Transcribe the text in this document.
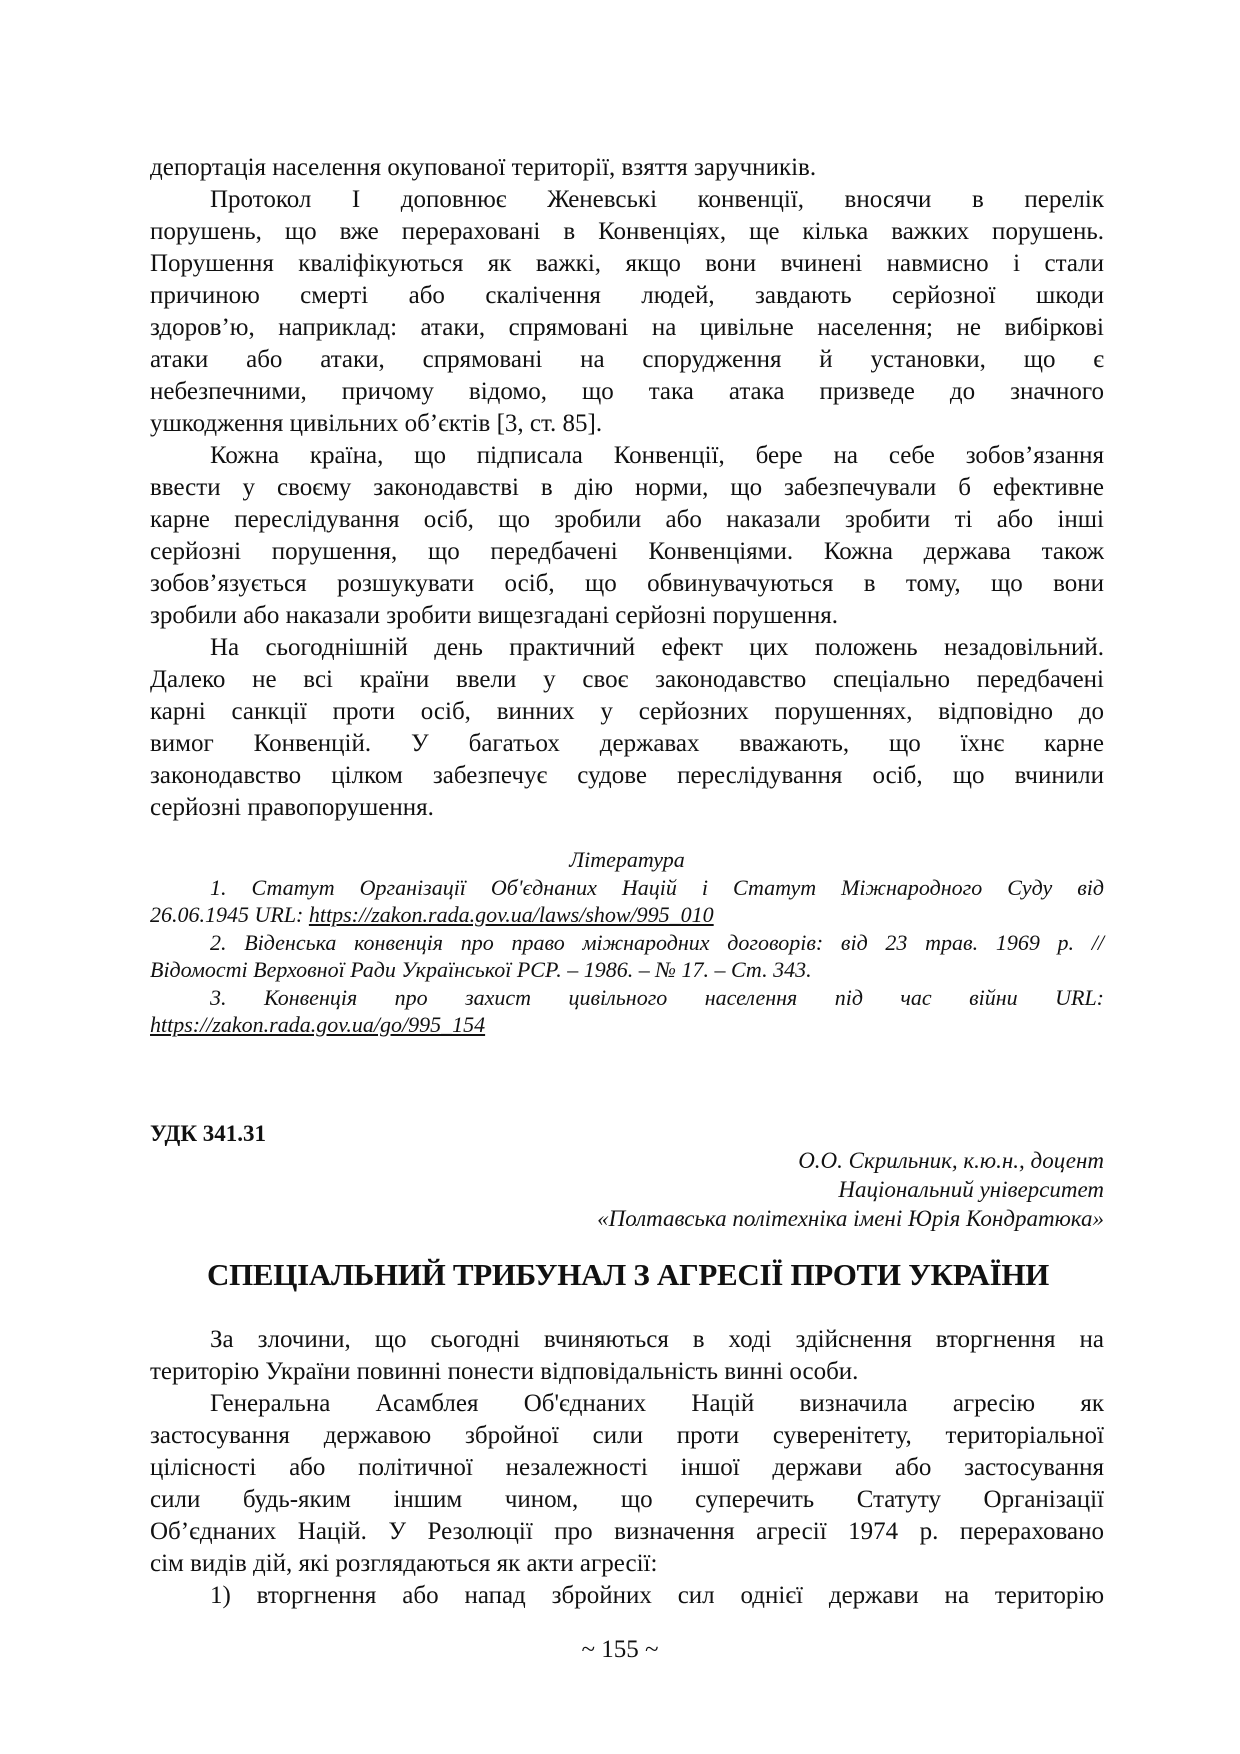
депортація населення окупованої території, взяття заручників.
Протокол I доповнює Женевські конвенції, вносячи в перелік
порушень, що вже перераховані в Конвенціях, ще кілька важких порушень.
Порушення кваліфікуються як важкі, якщо вони вчинені навмисно і стали
причиною смерті або скалічення людей, завдають серйозної шкоди
здоров’ю, наприклад: атаки, спрямовані на цивільне населення; не вибіркові
атаки або атаки, спрямовані на спорудження й установки, що є
небезпечними, причому відомо, що така атака призведе до значного
ушкодження цивільних об’єктів [3, ст. 85].
Кожна країна, що підписала Конвенції, бере на себе зобов’язання
ввести у своєму законодавстві в дію норми, що забезпечували б ефективне
карне переслідування осіб, що зробили або наказали зробити ті або інші
серйозні порушення, що передбачені Конвенціями. Кожна держава також
зобов’язується розшукувати осіб, що обвинувачуються в тому, що вони
зробили або наказали зробити вищезгадані серйозні порушення.
На сьогоднішній день практичний ефект цих положень незадовільний.
Далеко не всі країни ввели у своє законодавство спеціально передбачені
карні санкції проти осіб, винних у серйозних порушеннях, відповідно до
вимог Конвенцій. У багатьох державах вважають, що їхнє карне
законодавство цілком забезпечує судове переслідування осіб, що вчинили
серйозні правопорушення.
Література
1. Статут Організації Об'єднаних Націй і Статут Міжнародного Суду від
26.06.1945 URL: https://zakon.rada.gov.ua/laws/show/995_010
2. Віденська конвенція про право міжнародних договорів: від 23 трав. 1969 р. //
Відомості Верховної Ради Української РСР. – 1986. – № 17. – Ст. 343.
3. Конвенція про захист цивільного населення під час війни URL:
https://zakon.rada.gov.ua/go/995_154
УДК 341.31
О.О. Скрильник, к.ю.н., доцент
Національний університет
«Полтавська політехніка імені Юрія Кондратюка»
СПЕЦІАЛЬНИЙ ТРИБУНАЛ З АГРЕСІЇ ПРОТИ УКРАЇНИ
За злочини, що сьогодні вчиняються в ході здійснення вторгнення на
територію України повинні понести відповідальність винні особи.
Генеральна Асамблея Об'єднаних Націй визначила агресію як
застосування державою збройної сили проти суверенітету, територіальної
цілісності або політичної незалежності іншої держави або застосування
сили будь-яким іншим чином, що суперечить Статуту Організації
Об’єднаних Націй. У Резолюції про визначення агресії 1974 р. перераховано
сім видів дій, які розглядаються як акти агресії:
1) вторгнення або напад збройних сил однієї держави на територію
~ 155 ~
